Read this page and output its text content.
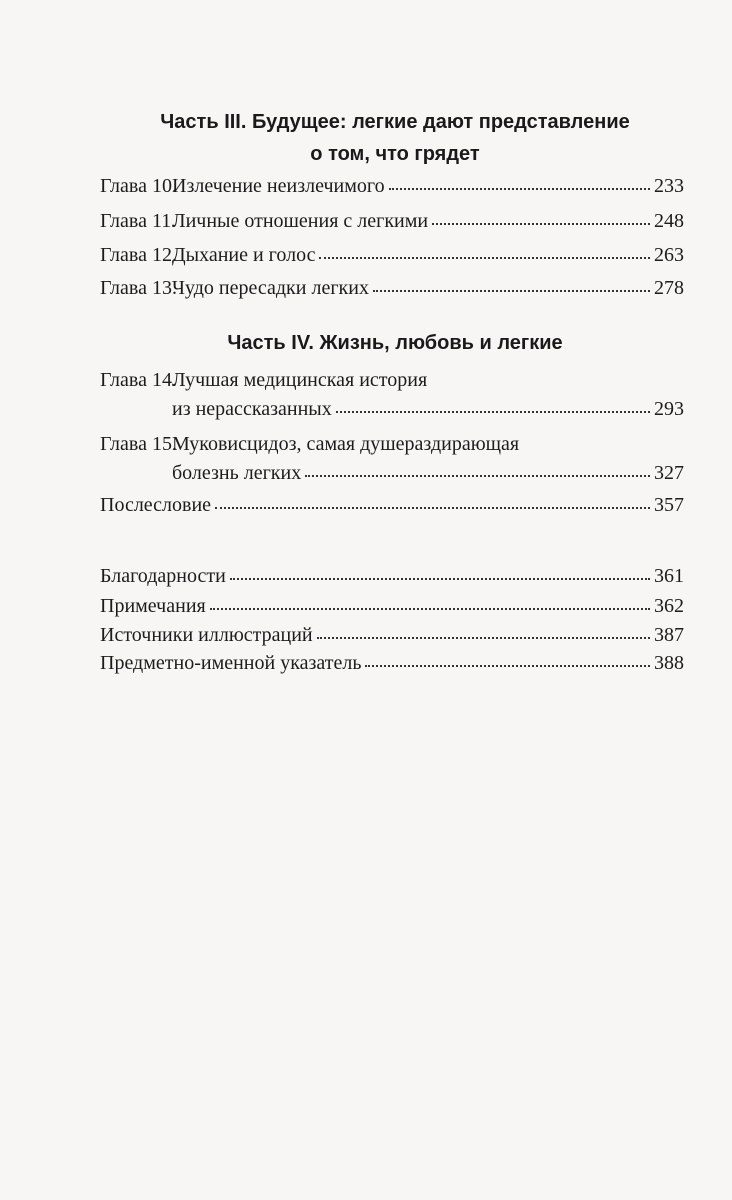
Часть III. Будущее: легкие дают представление
о том, что грядет
Глава 10.Излечение неизлечимого	233
Глава 11.Личные отношения с легкими	248
Глава 12.Дыхание и голос	263
Глава 13.Чудо пересадки легких	278
Часть IV. Жизнь, любовь и легкие
Глава 14.Лучшая медицинская история
из нерассказанных	293
Глава 15.Муковисцидоз, самая душераздирающая
болезнь легких	327
Послесловие	357
Благодарности	361
Примечания	362
Источники иллюстраций	387
Предметно-именной указатель	388
